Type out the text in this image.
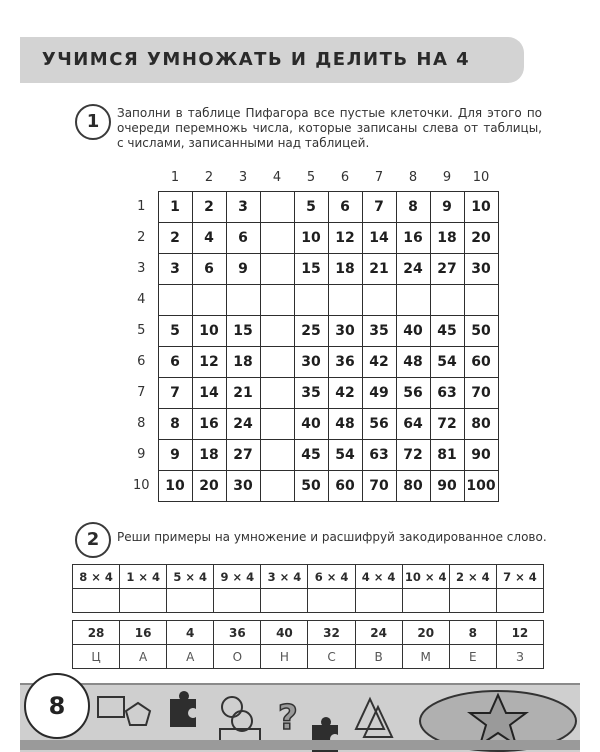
УЧИМСЯ УМНОЖАТЬ И ДЕЛИТЬ НА 4
1	Заполни в таблице Пифагора все пустые клеточки. Для этого по очереди перемножь числа, которые записаны слева от таблицы, с числами, записанными над таблицей.
	1	2	3	4	5	6	7	8	9	10
1	1	2	3		5	6	7	8	9	10
2	2	4	6		10	12	14	16	18	20
3	3	6	9		15	18	21	24	27	30
4										
5	5	10	15		25	30	35	40	45	50
6	6	12	18		30	36	42	48	54	60
7	7	14	21		35	42	49	56	63	70
8	8	16	24		40	48	56	64	72	80
9	9	18	27		45	54	63	72	81	90
10	10	20	30		50	60	70	80	90	100
2	Реши примеры на умножение и расшифруй закодированное слово.
8 × 4	1 × 4	5 × 4	9 × 4	3 × 4	6 × 4	4 × 4	10 × 4	2 × 4	7 × 4

28	16	4	36	40	32	24	20	8	12
Ц	А	А	О	Н	С	В	М	Е	З
?
8
